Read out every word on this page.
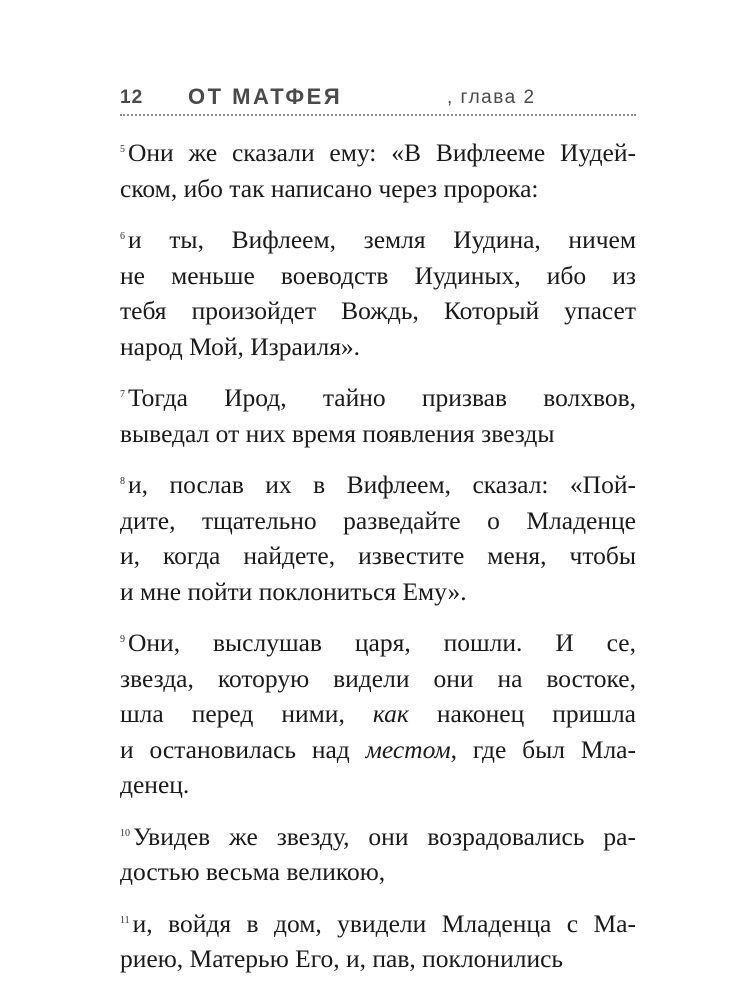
12 ОТ МАТФЕЯ	, глава 2
$^5$ Они же сказали ему: «В Вифлееме Иудей-
ском, ибо так написано через пророка:
$^6$ и ты, Вифлеем, земля Иудина, ничем
не меньше воеводств Иудиных, ибо из
тебя произойдет Вождь, Который упасет
народ Мой, Израиля».
$^7$ Тогда Ирод, тайно призвав волхвов,
выведал от них время появления звезды
$^8$ и, послав их в Вифлеем, сказал: «Пой-
дите, тщательно разведайте о Младенце
и, когда найдете, известите меня, чтобы
и мне пойти поклониться Ему».
$^9$ Они, выслушав царя, пошли. И се,
звезда, которую видели они на востоке,
шла перед ними, как наконец пришла
и остановилась над местом, где был Мла-
денец.
$^{10}$ Увидев же звезду, они возрадовались ра-
достью весьма великою,
$^{11}$ и, войдя в дом, увидели Младенца с Ма-
риею, Матерью Его, и, пав, поклонились
